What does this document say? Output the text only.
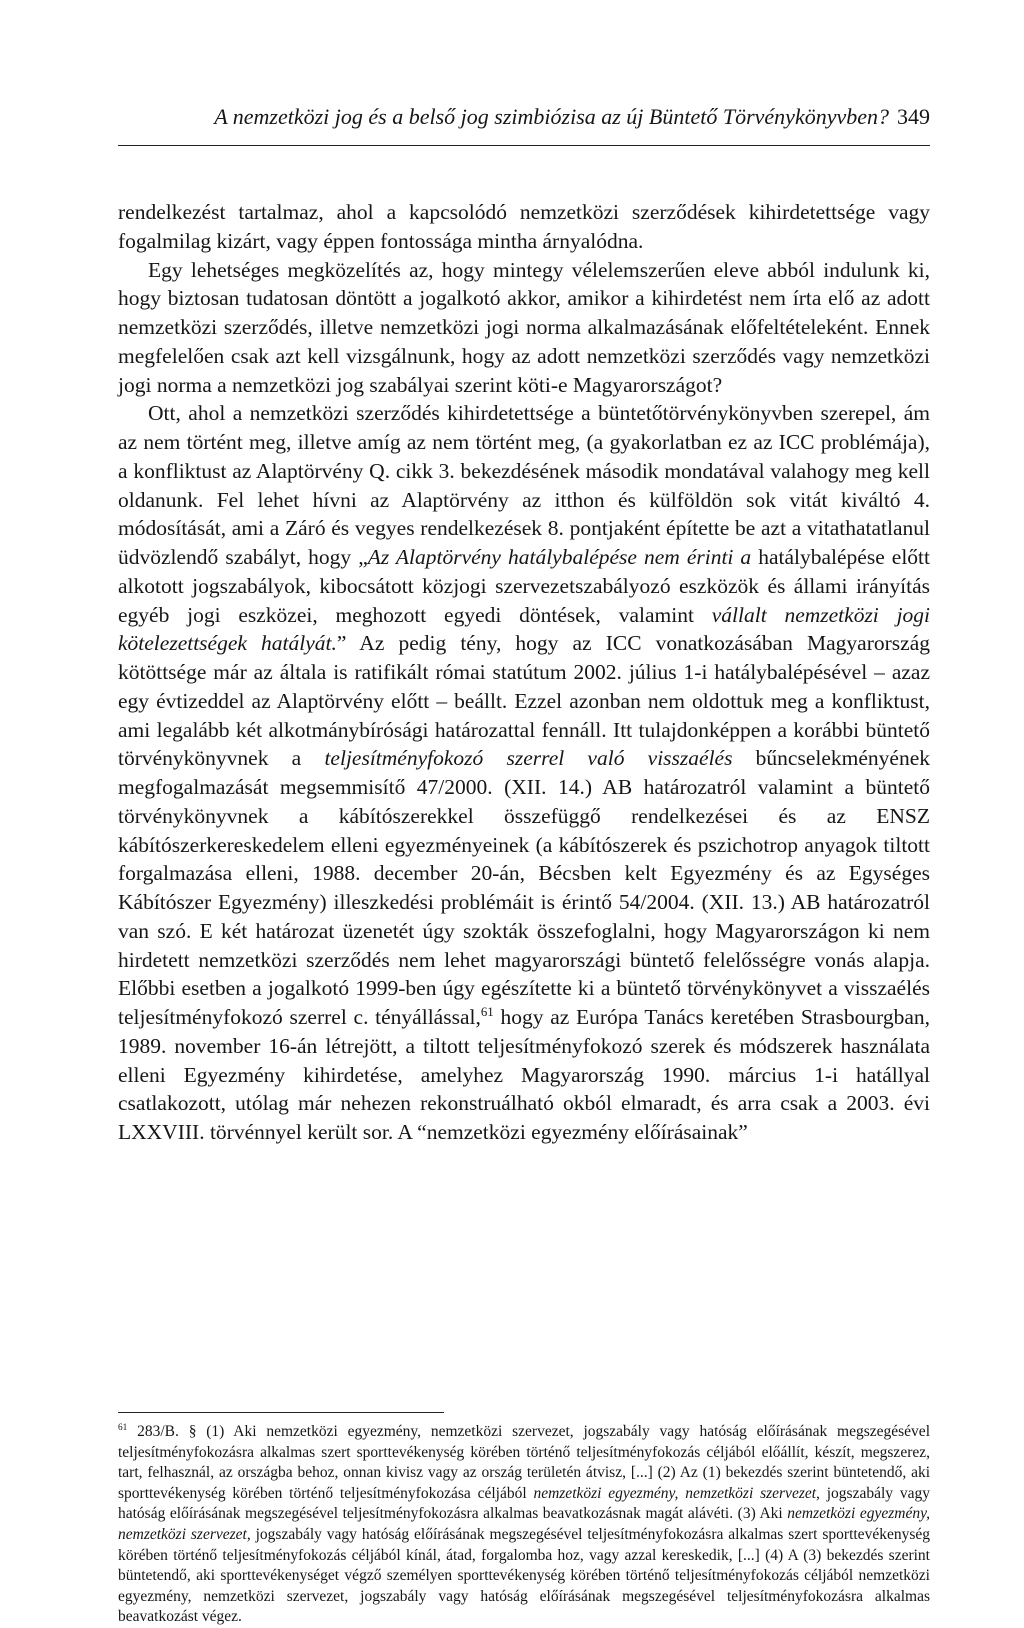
A nemzetközi jog és a belső jog szimbiózisa az új Büntető Törvénykönyvben? 349

rendelkezést tartalmaz, ahol a kapcsolódó nemzetközi szerződések kihirdetettsége vagy fogalmilag kizárt, vagy éppen fontossága mintha árnyalódna.

Egy lehetséges megközelítés az, hogy mintegy vélelemszerűen eleve abból indulunk ki, hogy biztosan tudatosan döntött a jogalkotó akkor, amikor a kihirdetést nem írta elő az adott nemzetközi szerződés, illetve nemzetközi jogi norma alkalmazásának előfeltételeként. Ennek megfelelően csak azt kell vizsgálnunk, hogy az adott nemzetközi szerződés vagy nemzetközi jogi norma a nemzetközi jog szabályai szerint köti-e Magyarországot?

Ott, ahol a nemzetközi szerződés kihirdetettsége a büntetőtörvénykönyvben szerepel, ám az nem történt meg, illetve amíg az nem történt meg, (a gyakorlatban ez az ICC problémája), a konfliktust az Alaptörvény Q. cikk 3. bekezdésének második mondatával valahogy meg kell oldanunk. Fel lehet hívni az Alaptörvény az itthon és külföldön sok vitát kiváltó 4. módosítását, ami a Záró és vegyes rendelkezések 8. pontjaként építette be azt a vitathatatlanul üdvözlendő szabályt, hogy „Az Alaptörvény hatálybalépése nem érinti a hatálybalépése előtt alkotott jogszabályok, kibocsátott közjogi szervezetszabályozó eszközök és állami irányítás egyéb jogi eszközei, meghozott egyedi döntések, valamint vállalt nemzetközi jogi kötelezettségek hatályát.” Az pedig tény, hogy az ICC vonatkozásában Magyarország kötöttsége már az általa is ratifikált római statútum 2002. július 1-i hatálybalépésével – azaz egy évtizeddel az Alaptörvény előtt – beállt. Ezzel azonban nem oldottuk meg a konfliktust, ami legalább két alkotmánybírósági határozattal fennáll. Itt tulajdonképpen a korábbi büntető törvénykönyvnek a teljesítményfokozó szerrel való visszaélés bűncselekményének megfogalmazását megsemmisítő 47/2000. (XII. 14.) AB határozatról valamint a büntető törvénykönyvnek a kábítószerekkel összefüggő rendelkezései és az ENSZ kábítószerkereskedelem elleni egyezményeinek (a kábítószerek és pszichotrop anyagok tiltott forgalmazása elleni, 1988. december 20-án, Bécsben kelt Egyezmény és az Egységes Kábítószer Egyezmény) illeszkedési problémáit is érintő 54/2004. (XII. 13.) AB határozatról van szó. E két határozat üzenetét úgy szokták összefoglalni, hogy Magyarországon ki nem hirdetett nemzetközi szerződés nem lehet magyarországi büntető felelősségre vonás alapja. Előbbi esetben a jogalkotó 1999-ben úgy egészítette ki a büntető törvénykönyvet a visszaélés teljesítményfokozó szerrel c. tényállással,$^{61}$ hogy az Európa Tanács keretében Strasbourgban, 1989. november 16-án létrejött, a tiltott teljesítményfokozó szerek és módszerek használata elleni Egyezmény kihirdetése, amelyhez Magyarország 1990. március 1-i hatállyal csatlakozott, utólag már nehezen rekonstruálható okból elmaradt, és arra csak a 2003. évi LXXVIII. törvénnyel került sor. A “nemzetközi egyezmény előírásainak”

$^{61}$ 283/B. § (1) Aki nemzetközi egyezmény, nemzetközi szervezet, jogszabály vagy hatóság előírásának megszegésével teljesítményfokozásra alkalmas szert sporttevékenység körében történő teljesítményfokozás céljából előállít, készít, megszerez, tart, felhasznál, az országba behoz, onnan kivisz vagy az ország területén átvisz, [...] (2) Az (1) bekezdés szerint büntetendő, aki sporttevékenység körében történő teljesítményfokozása céljából nemzetközi egyezmény, nemzetközi szervezet, jogszabály vagy hatóság előírásának megszegésével teljesítményfokozásra alkalmas beavatkozásnak magát alávéti. (3) Aki nemzetközi egyezmény, nemzetközi szervezet, jogszabály vagy hatóság előírásának megszegésével teljesítményfokozásra alkalmas szert sporttevékenység körében történő teljesítményfokozás céljából kínál, átad, forgalomba hoz, vagy azzal kereskedik, [...] (4) A (3) bekezdés szerint büntetendő, aki sporttevékenységet végző személyen sporttevékenység körében történő teljesítményfokozás céljából nemzetközi egyezmény, nemzetközi szervezet, jogszabály vagy hatóság előírásának megszegésével teljesítményfokozásra alkalmas beavatkozást végez.
